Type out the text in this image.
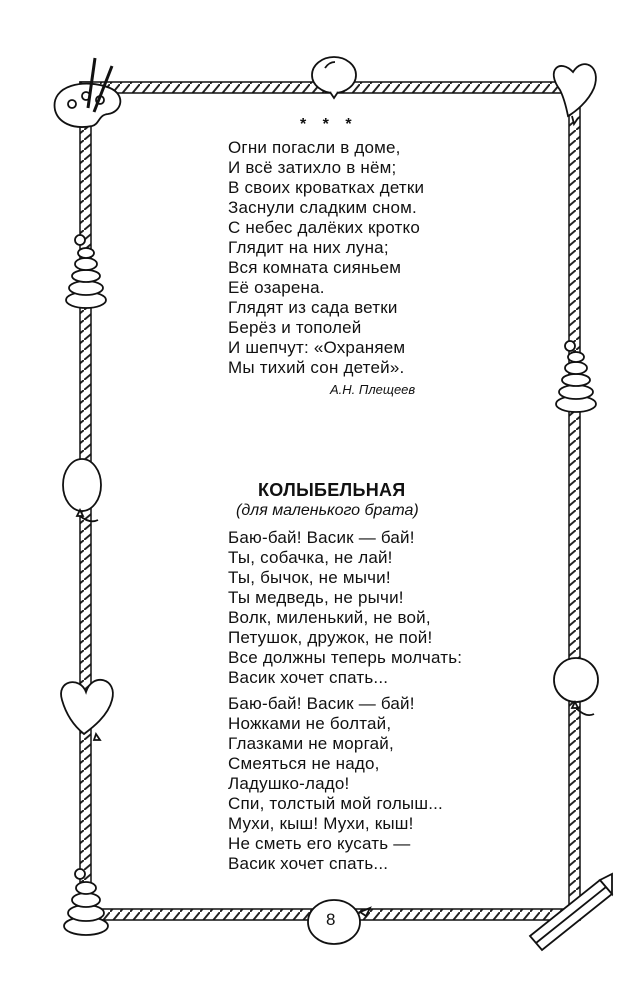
* * *
Огни погасли в доме,
И всё затихло в нём;
В своих кроватках детки
Заснули сладким сном.
С небес далёких кротко
Глядит на них луна;
Вся комната сияньем
Её озарена.
Глядят из сада ветки
Берёз и тополей
И шепчут: «Охраняем
Мы тихий сон детей».
А.Н. Плещеев
КОЛЫБЕЛЬНАЯ
(для маленького брата)
Баю-бай! Васик — бай!
Ты, собачка, не лай!
Ты, бычок, не мычи!
Ты медведь, не рычи!
Волк, миленький, не вой,
Петушок, дружок, не пой!
Все должны теперь молчать:
Васик хочет спать...
Баю-бай! Васик — бай!
Ножками не болтай,
Глазками не моргай,
Смеяться не надо,
Ладушко-ладо!
Спи, толстый мой голыш...
Мухи, кыш! Мухи, кыш!
Не сметь его кусать —
Васик хочет спать...
8
